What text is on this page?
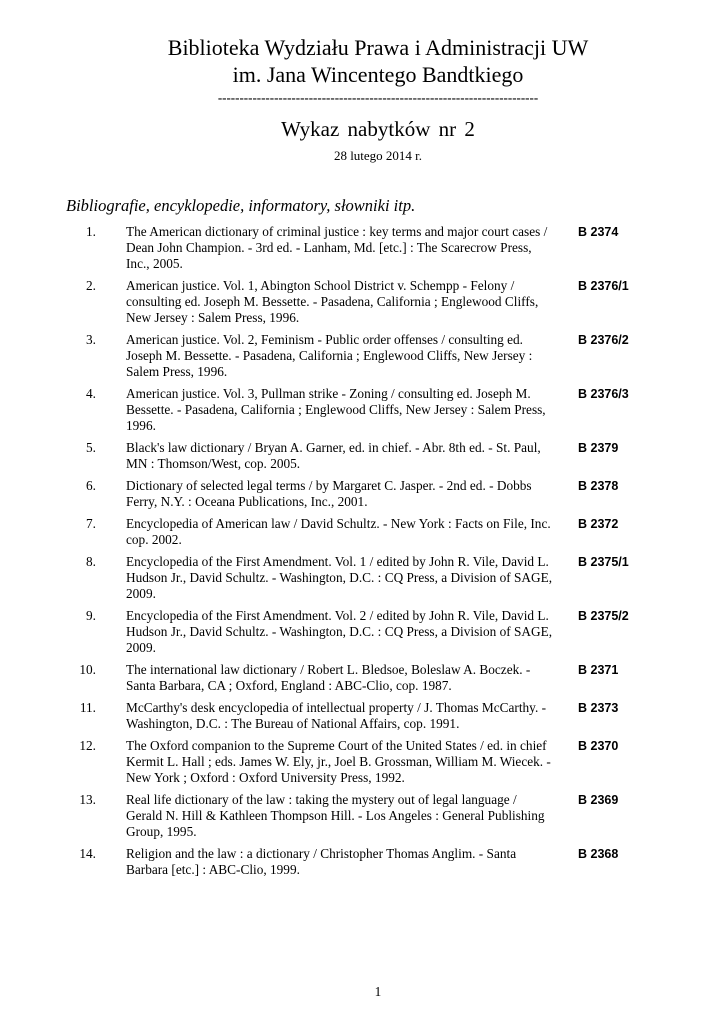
Biblioteka Wydziału Prawa i Administracji UW
im. Jana Wincentego Bandtkiego
--------------------------------------------------------------------------
Wykaz nabytków nr 2
28 lutego 2014 r.
Bibliografie, encyklopedie, informatory, słowniki itp.
1. The American dictionary of criminal justice : key terms and major court cases / Dean John Champion. - 3rd ed. - Lanham, Md. [etc.] : The Scarecrow Press, Inc., 2005.
B 2374
2. American justice. Vol. 1, Abington School District v. Schempp - Felony / consulting ed. Joseph M. Bessette. - Pasadena, California ; Englewood Cliffs, New Jersey : Salem Press, 1996.
B 2376/1
3. American justice. Vol. 2, Feminism - Public order offenses / consulting ed. Joseph M. Bessette. - Pasadena, California ; Englewood Cliffs, New Jersey : Salem Press, 1996.
B 2376/2
4. American justice. Vol. 3, Pullman strike - Zoning / consulting ed. Joseph M. Bessette. - Pasadena, California ; Englewood Cliffs, New Jersey : Salem Press, 1996.
B 2376/3
5. Black's law dictionary / Bryan A. Garner, ed. in chief. - Abr. 8th ed. - St. Paul, MN : Thomson/West, cop. 2005.
B 2379
6. Dictionary of selected legal terms / by Margaret C. Jasper. - 2nd ed. - Dobbs Ferry, N.Y. : Oceana Publications, Inc., 2001.
B 2378
7. Encyclopedia of American law / David Schultz. - New York : Facts on File, Inc. cop. 2002.
B 2372
8. Encyclopedia of the First Amendment. Vol. 1 / edited by John R. Vile, David L. Hudson Jr., David Schultz. - Washington, D.C. : CQ Press, a Division of SAGE, 2009.
B 2375/1
9. Encyclopedia of the First Amendment. Vol. 2 / edited by John R. Vile, David L. Hudson Jr., David Schultz. - Washington, D.C. : CQ Press, a Division of SAGE, 2009.
B 2375/2
10. The international law dictionary / Robert L. Bledsoe, Boleslaw A. Boczek. - Santa Barbara, CA ; Oxford, England : ABC-Clio, cop. 1987.
B 2371
11. McCarthy's desk encyclopedia of intellectual property / J. Thomas McCarthy. - Washington, D.C. : The Bureau of National Affairs, cop. 1991.
B 2373
12. The Oxford companion to the Supreme Court of the United States / ed. in chief Kermit L. Hall ; eds. James W. Ely, jr., Joel B. Grossman, William M. Wiecek. - New York ; Oxford : Oxford University Press, 1992.
B 2370
13. Real life dictionary of the law : taking the mystery out of legal language / Gerald N. Hill & Kathleen Thompson Hill. - Los Angeles : General Publishing Group, 1995.
B 2369
14. Religion and the law : a dictionary / Christopher Thomas Anglim. - Santa Barbara [etc.] : ABC-Clio, 1999.
B 2368
1
